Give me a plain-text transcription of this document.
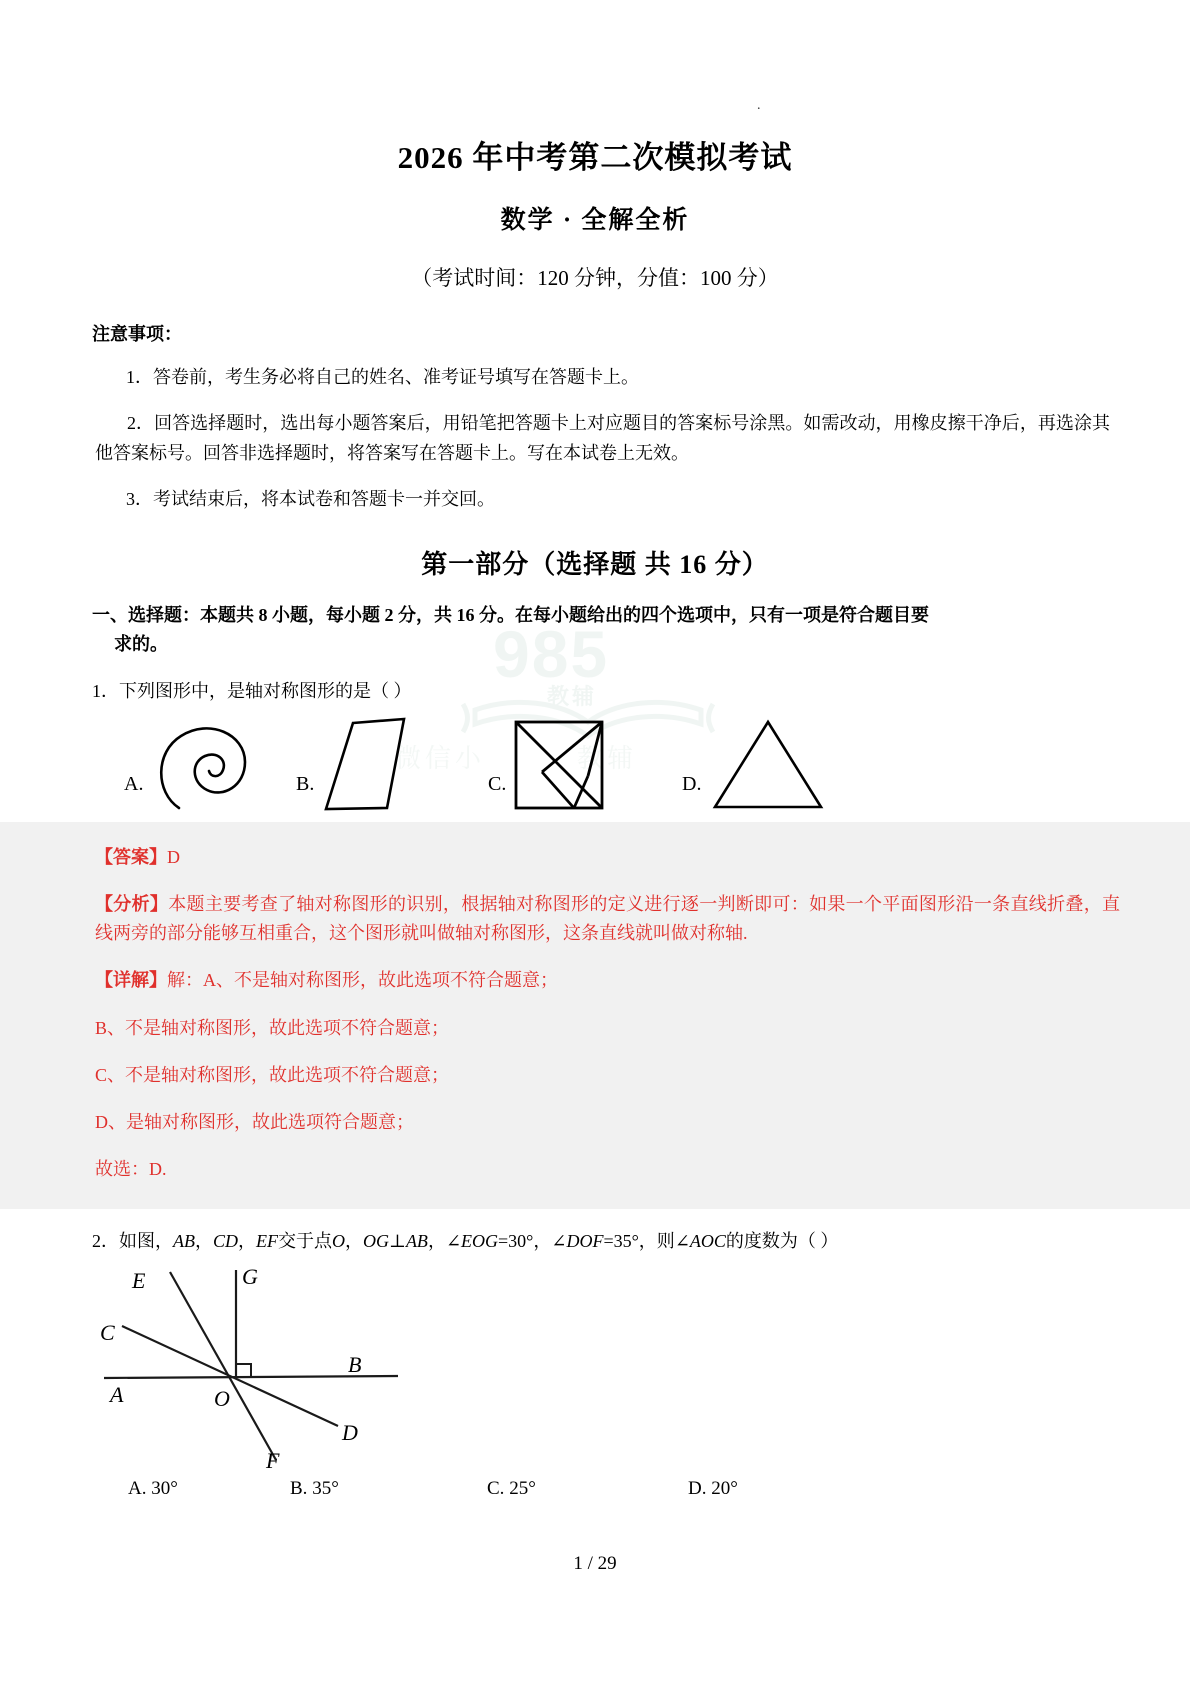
.
985
教辅
微信小	教辅
2026 年中考第二次模拟考试
数学 · 全解全析

（考试时间：120 分钟，分值：100 分）

注意事项：

1．答卷前，考生务必将自己的姓名、准考证号填写在答题卡上。

2．回答选择题时，选出每小题答案后，用铅笔把答题卡上对应题目的答案标号涂黑。如需改动，用橡皮擦干净后，再选涂其他答案标号。回答非选择题时，将答案写在答题卡上。写在本试卷上无效。

3．考试结束后，将本试卷和答题卡一并交回。

第一部分（选择题 共 16 分）

一、选择题：本题共 8 小题，每小题 2 分，共 16 分。在每小题给出的四个选项中，只有一项是符合题目要
求的。

1．下列图形中，是轴对称图形的是（ ）

A.	B.	C.	D.

【答案】D

【分析】本题主要考查了轴对称图形的识别，根据轴对称图形的定义进行逐一判断即可：如果一个平面图形沿一条直线折叠，直线两旁的部分能够互相重合，这个图形就叫做轴对称图形，这条直线就叫做对称轴.

【详解】解：A、不是轴对称图形，故此选项不符合题意；

B、不是轴对称图形，故此选项不符合题意；

C、不是轴对称图形，故此选项不符合题意；

D、是轴对称图形，故此选项符合题意；

故选：D.

2．如图，AB，CD，EF交于点O，OG⊥AB，∠EOG=30°，∠DOF=35°，则∠AOC的度数为（ ）

E	G
C
B
A	O
D
F
A. 30°	B. 35°	C. 25°	D. 20°
1 / 29
